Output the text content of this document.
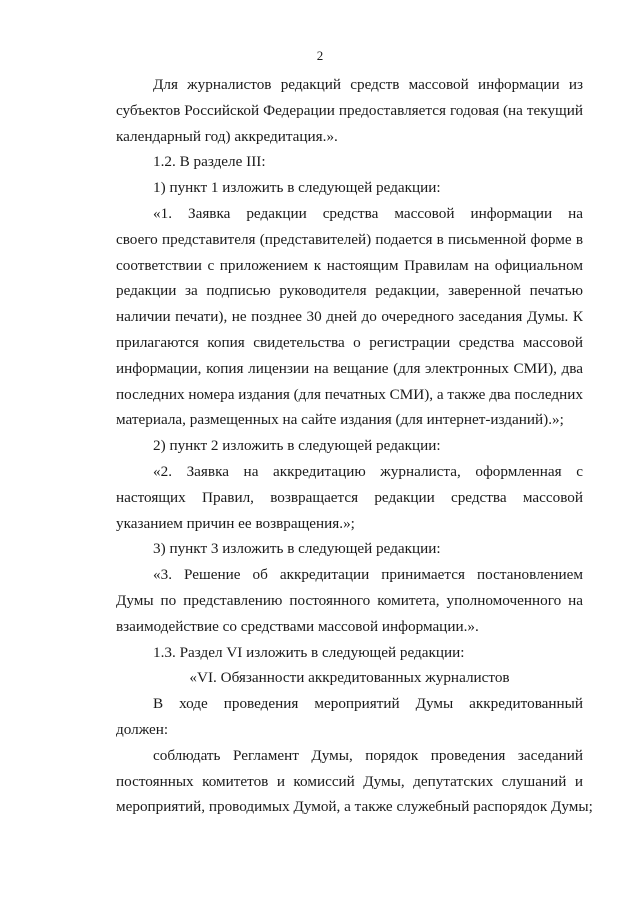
2
Для журналистов редакций средств массовой информации из
субъектов Российской Федерации предоставляется годовая (на текущий
календарный год) аккредитация.».
1.2. В разделе III:
1) пункт 1 изложить в следующей редакции:
«1. Заявка редакции средства массовой информации на
своего представителя (представителей) подается в письменной форме в
соответствии с приложением к настоящим Правилам на официальном
редакции за подписью руководителя редакции, заверенной печатью
наличии печати), не позднее 30 дней до очередного заседания Думы. К
прилагаются копия свидетельства о регистрации средства массовой
информации, копия лицензии на вещание (для электронных СМИ), два
последних номера издания (для печатных СМИ), а также два последних
материала, размещенных на сайте издания (для интернет-изданий).»;
2) пункт 2 изложить в следующей редакции:
«2. Заявка на аккредитацию журналиста, оформленная с
настоящих Правил, возвращается редакции средства массовой
указанием причин ее возвращения.»;
3) пункт 3 изложить в следующей редакции:
«3. Решение об аккредитации принимается постановлением
Думы по представлению постоянного комитета, уполномоченного на
взаимодействие со средствами массовой информации.».
1.3. Раздел VI изложить в следующей редакции:
«VI. Обязанности аккредитованных журналистов
В ходе проведения мероприятий Думы аккредитованный
должен:
соблюдать Регламент Думы, порядок проведения заседаний
постоянных комитетов и комиссий Думы, депутатских слушаний и
мероприятий, проводимых Думой, а также служебный распорядок Думы;
